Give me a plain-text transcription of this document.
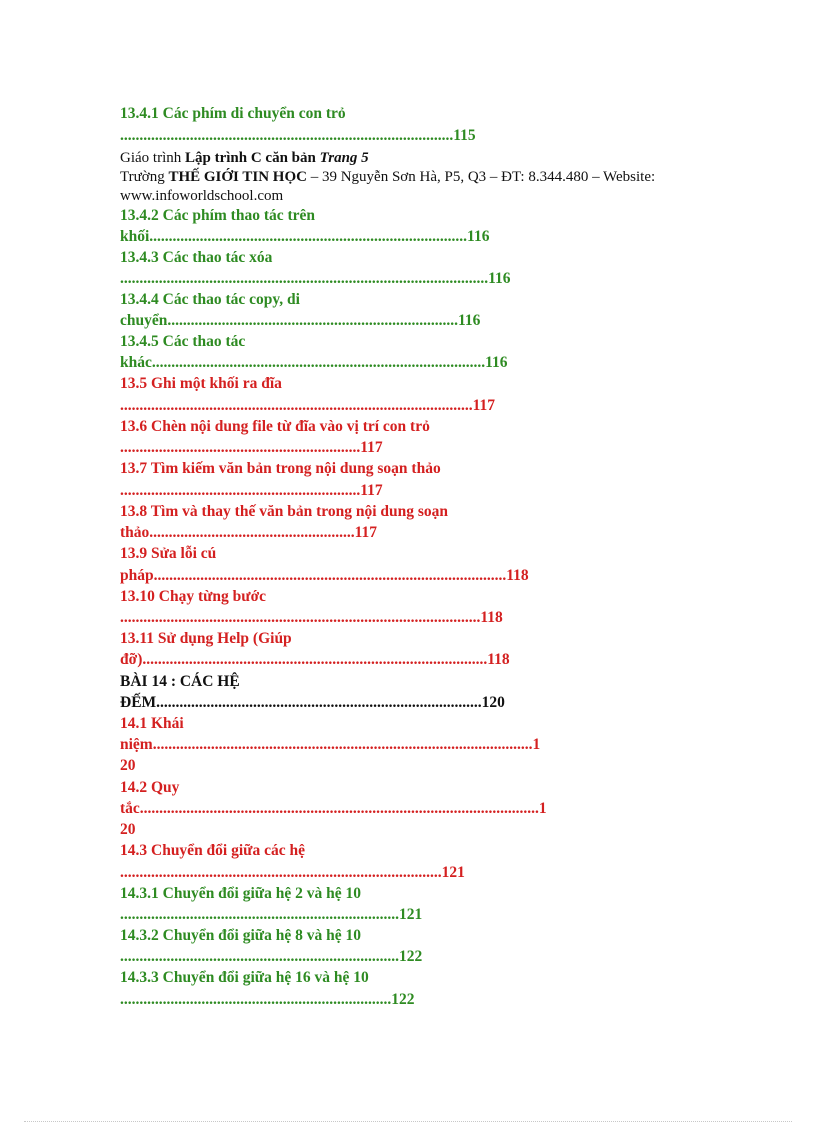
13.4.1 Các phím di chuyển con trỏ
......................................................................................115
13.4.2 Các phím thao tác trên
khối..................................................................................116
13.4.3 Các thao tác xóa
...............................................................................................116
13.4.4 Các thao tác copy, di
chuyển...........................................................................116
13.4.5 Các thao tác
khác......................................................................................116
13.5 Ghi một khối ra đĩa
...........................................................................................117
13.6 Chèn nội dung file từ đĩa vào vị trí con trỏ
..............................................................117
13.7 Tìm kiếm văn bản trong nội dung soạn thảo
..............................................................117
13.8 Tìm và thay thế văn bản trong nội dung soạn
thảo.....................................................117
13.9 Sửa lỗi cú
pháp...........................................................................................118
13.10 Chạy từng bước
.............................................................................................118
13.11 Sử dụng Help (Giúp
đỡ).........................................................................................118
BÀI 14 : CÁC HỆ
ĐẾM....................................................................................120
14.1 Khái
niệm..................................................................................................1
20
14.2 Quy
tắc.......................................................................................................1
20
14.3 Chuyển đổi giữa các hệ
...................................................................................121
14.3.1 Chuyển đổi giữa hệ 2 và hệ 10
........................................................................121
14.3.2 Chuyển đổi giữa hệ 8 và hệ 10
........................................................................122
14.3.3 Chuyển đổi giữa hệ 16 và hệ 10
......................................................................122
Giáo trình Lập trình C căn bản Trang 5
Trường THẾ GIỚI TIN HỌC – 39 Nguyễn Sơn Hà, P5, Q3 – ĐT: 8.344.480 – Website:
www.infoworldschool.com
